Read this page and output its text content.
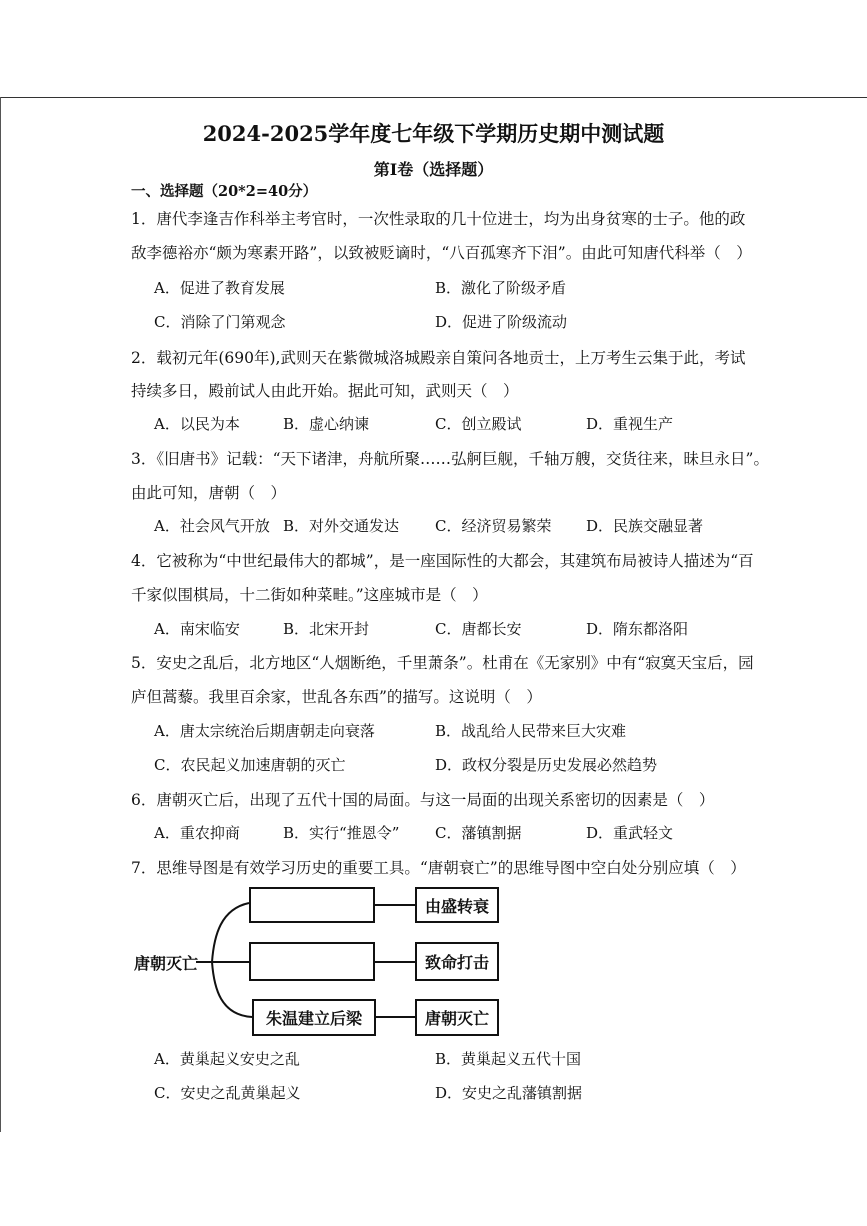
2024-2025学年度七年级下学期历史期中测试题
第Ⅰ卷（选择题）
一、选择题（20*2=40分）
1．唐代李逢吉作科举主考官时，一次性录取的几十位进士，均为出身贫寒的士子。他的政
敌李德裕亦“颇为寒素开路”，以致被贬谪时，“八百孤寒齐下泪”。由此可知唐代科举（　）
A．促进了教育发展	B．激化了阶级矛盾
C．消除了门第观念	D．促进了阶级流动
2．载初元年(690年),武则天在紫微城洛城殿亲自策问各地贡士，上万考生云集于此，考试
持续多日，殿前试人由此开始。据此可知，武则天（　）
A．以民为本	B．虚心纳谏	C．创立殿试	D．重视生产
3．《旧唐书》记载：“天下诸津，舟航所聚……弘舸巨舰，千轴万艘，交货往来，昧旦永日”。
由此可知，唐朝（　）
A．社会风气开放 B．对外交通发达 C．经济贸易繁荣 D．民族交融显著
4．它被称为“中世纪最伟大的都城”，是一座国际性的大都会，其建筑布局被诗人描述为“百
千家似围棋局，十二街如种菜畦。”这座城市是（　）
A．南宋临安	B．北宋开封	C．唐都长安	D．隋东都洛阳
5．安史之乱后，北方地区“人烟断绝，千里萧条”。杜甫在《无家别》中有“寂寞天宝后，园
庐但蒿藜。我里百余家，世乱各东西”的描写。这说明（　）
A．唐太宗统治后期唐朝走向衰落	B．战乱给人民带来巨大灾难
C．农民起义加速唐朝的灭亡	D．政权分裂是历史发展必然趋势
6．唐朝灭亡后，出现了五代十国的局面。与这一局面的出现关系密切的因素是（　）
A．重农抑商	B．实行“推恩令” C．藩镇割据	D．重武轻文
7．思维导图是有效学习历史的重要工具。“唐朝衰亡”的思维导图中空白处分别应填（　）
唐朝灭亡
由盛转衰
致命打击
朱温建立后梁	唐朝灭亡
A．黄巢起义安史之乱	B．黄巢起义五代十国
C．安史之乱黄巢起义	D．安史之乱藩镇割据
